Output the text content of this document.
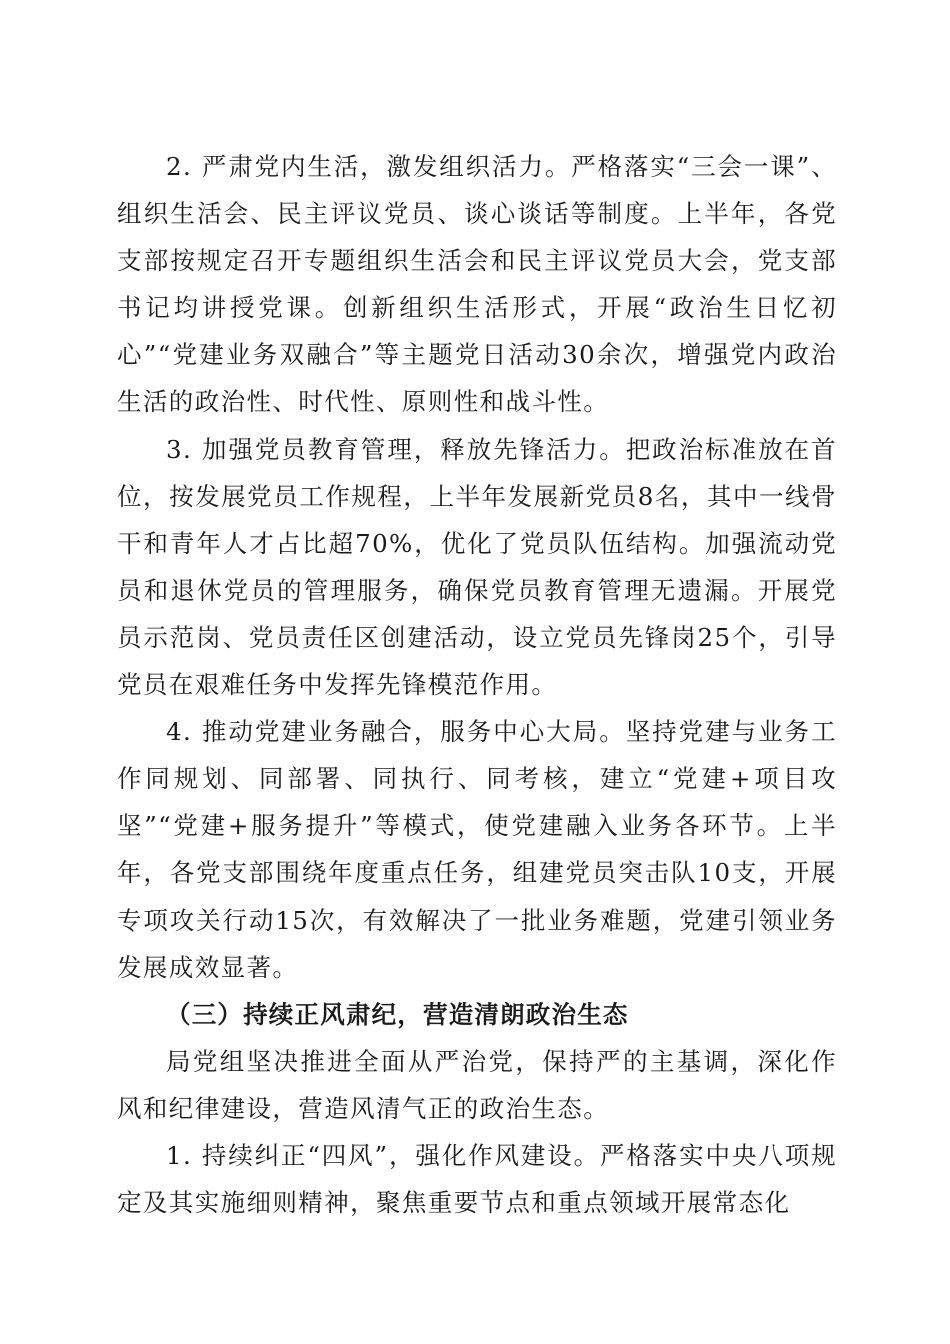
2. 严肃党内生活，激发组织活力。严格落实“三会一课”、组织生活会、民主评议党员、谈心谈话等制度。上半年，各党支部按规定召开专题组织生活会和民主评议党员大会，党支部书记均讲授党课。创新组织生活形式，开展“政治生日忆初心”“党建业务双融合”等主题党日活动30余次，增强党内政治生活的政治性、时代性、原则性和战斗性。

3. 加强党员教育管理，释放先锋活力。把政治标准放在首位，按发展党员工作规程，上半年发展新党员8名，其中一线骨干和青年人才占比超70%，优化了党员队伍结构。加强流动党员和退休党员的管理服务，确保党员教育管理无遗漏。开展党员示范岗、党员责任区创建活动，设立党员先锋岗25个，引导党员在艰难任务中发挥先锋模范作用。

4. 推动党建业务融合，服务中心大局。坚持党建与业务工作同规划、同部署、同执行、同考核，建立“党建+项目攻坚”“党建+服务提升”等模式，使党建融入业务各环节。上半年，各党支部围绕年度重点任务，组建党员突击队10支，开展专项攻关行动15次，有效解决了一批业务难题，党建引领业务发展成效显著。

（三）持续正风肃纪，营造清朗政治生态

局党组坚决推进全面从严治党，保持严的主基调，深化作风和纪律建设，营造风清气正的政治生态。

1. 持续纠正“四风”，强化作风建设。严格落实中央八项规定及其实施细则精神，聚焦重要节点和重点领域开展常态化
